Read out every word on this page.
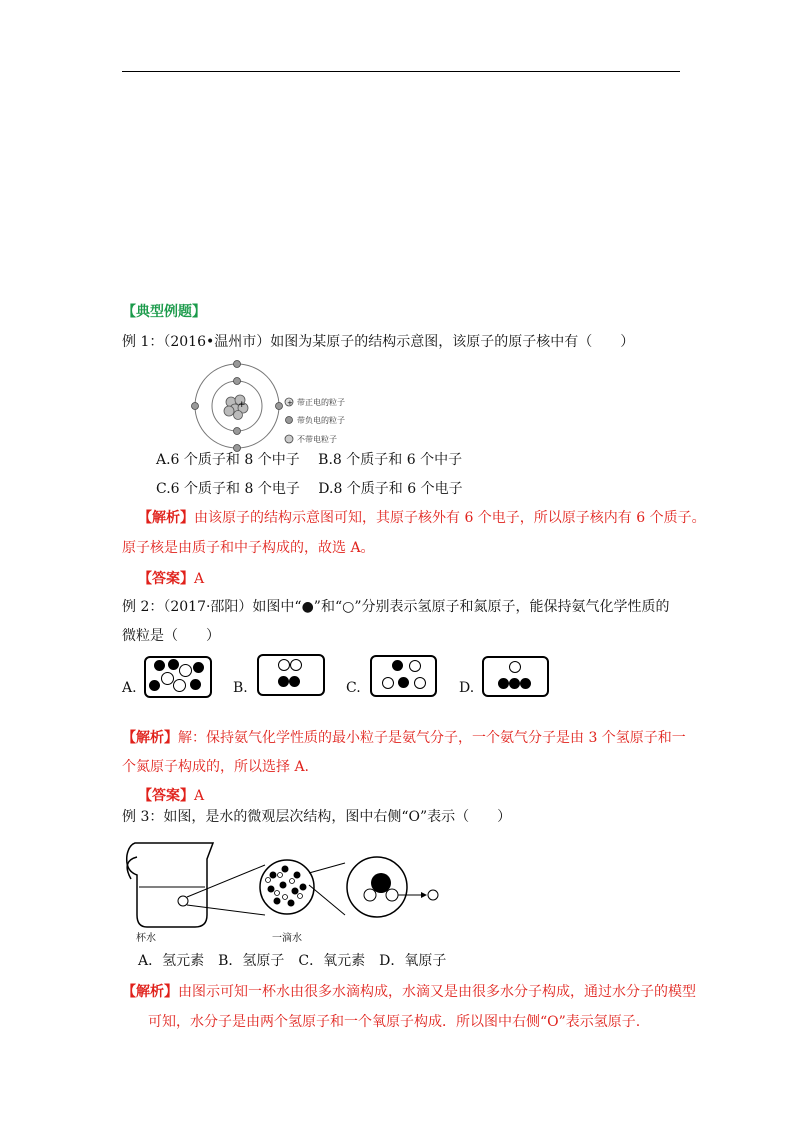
【典型例题】
例 1：（2016•温州市）如图为某原子的结构示意图，该原子的原子核中有（　　）
+	+ 带正电的粒子
带负电的粒子
不带电粒子
A.6 个质子和 8 个中子　 B.8 个质子和 6 个中子
C.6 个质子和 8 个电子　 D.8 个质子和 6 个电子
【解析】由该原子的结构示意图可知，其原子核外有 6 个电子，所以原子核内有 6 个质子。
原子核是由质子和中子构成的，故选 A。
【答案】A
例 2：（2017·邵阳）如图中“●”和“○”分别表示氢原子和氮原子，能保持氨气化学性质的
微粒是（　　）
A.	B.	C.	D.
【解析】解：保持氨气化学性质的最小粒子是氨气分子，一个氨气分子是由 3 个氢原子和一
个氮原子构成的，所以选择 A.
【答案】A
例 3：如图，是水的微观层次结构，图中右侧“O”表示（　　）
杯水	一滴水
A．氢元素　B．氢原子　C．氧元素　D．氧原子
【解析】由图示可知一杯水由很多水滴构成，水滴又是由很多水分子构成，通过水分子的模型
可知，水分子是由两个氢原子和一个氧原子构成．所以图中右侧“O”表示氢原子.
